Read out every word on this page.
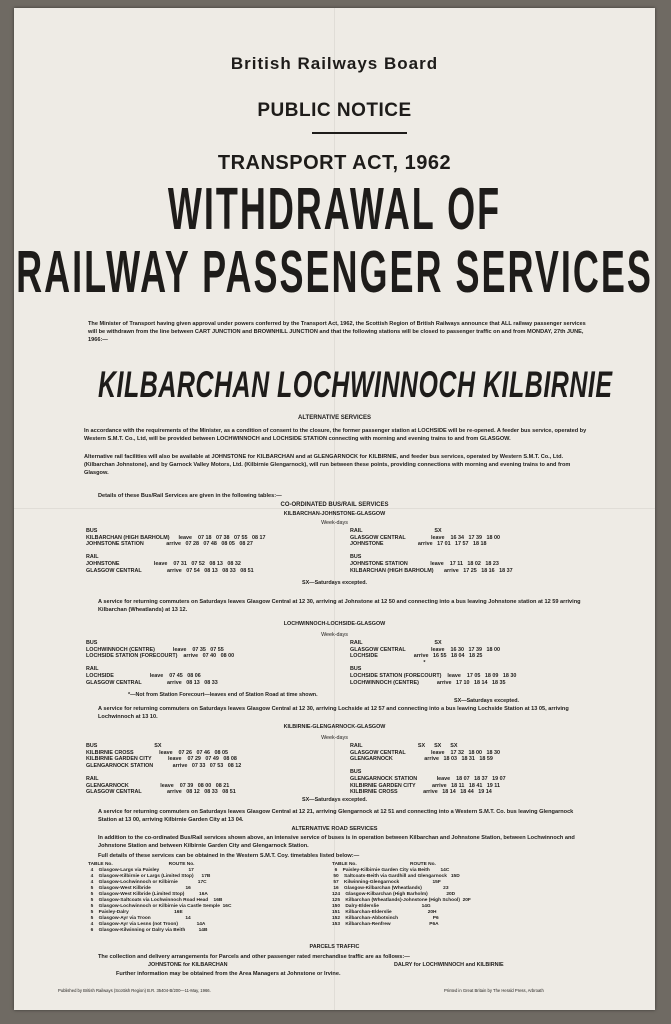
British Railways Board
PUBLIC NOTICE
TRANSPORT ACT, 1962
WITHDRAWAL OF
RAILWAY PASSENGER SERVICES
The Minister of Transport having given approval under powers conferred by the Transport Act, 1962, the Scottish Region of British Railways announce that ALL railway passenger services will be withdrawn from the line between CART JUNCTION and BROWNHILL JUNCTION and that the following stations will be closed to passenger traffic on and from MONDAY, 27th JUNE, 1966:—
KILBARCHAN LOCHWINNOCH KILBIRNIE
ALTERNATIVE SERVICES
In accordance with the requirements of the Minister, as a condition of consent to the closure, the former passenger station at LOCHSIDE will be re-opened. A feeder bus service, operated by Western S.M.T. Co., Ltd, will be provided between LOCHWINNOCH and LOCHSIDE STATION connecting with morning and evening trains to and from GLASGOW.
Alternative rail facilities will also be available at JOHNSTONE for KILBARCHAN and at GLENGARNOCK for KILBIRNIE, and feeder bus services, operated by Western S.M.T. Co., Ltd. (Kilbarchan Johnstone), and by Garnock Valley Motors, Ltd. (Kilbirnie Glengarnock), will run between these points, providing connections with morning and evening trains to and from Glasgow.
Details of these Bus/Rail Services are given in the following tables:—
CO-ORDINATED BUS/RAIL SERVICES
KILBARCHAN-JOHNSTONE-GLASGOW
Week-days
BUS
KILBARCHAN (HIGH BARHOLM)      leave    07 18   07 38   07 55   08 17
JOHNSTONE STATION               arrive   07 28   07 48   08 05   08 27

RAIL
JOHNSTONE                       leave    07 31   07 52   08 13   08 32
GLASGOW CENTRAL                 arrive   07 54   08 13   08 33   08 51
RAIL                                                SX
GLASGOW CENTRAL                 leave    16 34   17 39   18 00
JOHNSTONE                       arrive   17 01   17 57   18 18

BUS
JOHNSTONE STATION               leave    17 11   18 02   18 23
KILBARCHAN (HIGH BARHOLM)       arrive   17 25   18 16   18 37
SX—Saturdays excepted.
A service for returning commuters on Saturdays leaves Glasgow Central at 12 30, arriving at Johnstone at 12 50 and connecting into a bus leaving Johnstone station at 12 59 arriving Kilbarchan (Wheatlands) at 13 12.
LOCHWINNOCH-LOCHSIDE-GLASGOW
Week-days
BUS
LOCHWINNOCH (CENTRE)            leave    07 35   07 55
LOCHSIDE STATION (FORECOURT)    arrive   07 40   08 00

RAIL
LOCHSIDE                        leave    07 45   08 06
GLASGOW CENTRAL                 arrive   08 13   08 33
RAIL                                                SX
GLASGOW CENTRAL                 leave    16 30   17 39   18 00
LOCHSIDE                        arrive   16 55   18 04   18 25
*
BUS
LOCHSIDE STATION (FORECOURT)    leave    17 05   18 09   18 30
LOCHWINNOCH (CENTRE)            arrive   17 10   18 14   18 35
*—Not from Station Forecourt—leaves end of Station Road at time shown.
SX—Saturdays excepted.
A service for returning commuters on Saturdays leaves Glasgow Central at 12 30, arriving Lochside at 12 57 and connecting into a bus leaving Lochside Station at 13 05, arriving Lochwinnoch at 13 10.
KILBIRNIE-GLENGARNOCK-GLASGOW
Week-days
BUS                                      SX
KILBIRNIE CROSS                 leave    07 26   07 46   08 05
KILBIRNIE GARDEN CITY           leave    07 29   07 49   08 08
GLENGARNOCK STATION             arrive   07 33   07 53   08 12

RAIL
GLENGARNOCK                     leave    07 39   08 00   08 21
GLASGOW CENTRAL                 arrive   08 12   08 33   08 51
RAIL                                     SX      SX      SX
GLASGOW CENTRAL                 leave    17 32   18 00   18 30
GLENGARNOCK                     arrive   18 03   18 31   18 59

BUS
GLENGARNOCK STATION             leave    18 07   18 37   19 07
KILBIRNIE GARDEN CITY           arrive   18 11   18 41   19 11
KILBIRNIE CROSS                 arrive   18 14   18 44   19 14
SX—Saturdays excepted.
A service for returning commuters on Saturdays leaves Glasgow Central at 12 21, arriving Glengarnock at 12 51 and connecting into a Western S.M.T. Co. bus leaving Glengarnock Station at 13 00, arriving Kilbirnie Garden City at 13 04.
ALTERNATIVE ROAD SERVICES
In addition to the co-ordinated Bus/Rail services shown above, an intensive service of buses is in operation between Kilbarchan and Johnstone Station, between Lochwinnoch and Johnstone Station and between Kilbirnie Garden City and Glengarnock Station.
Full details of these services can be obtained in the Western S.M.T. Coy. timetables listed below:—
TABLE No.                                          ROUTE No.
4    Glasgow-Largs via Paisley                      17
4    Glasgow-Kilbirnie or Largs (Limited Stop)      17B
4    Glasgow-Lochwinnoch or Kilbirnie               17C
5    Glasgow-West Kilbride                          16
5    Glasgow-West Kilbride (Limited Stop)           16A
5    Glasgow-Saltcoats via Lochwinnoch Road Head    16B
5    Glasgow-Lochwinnoch or Kilbirnie via Castle Semple  16C
5    Paisley-Dalry                                  16E
5    Glasgow-Ayr via Troon                          14
4    Glasgow-Ayr via Lesns (not Troon)              14A
6    Glasgow-Kilwinning or Dalry via Beith          14B
TABLE No.                                        ROUTE No.
6    Paisley-Kilbirnie Garden City via Beith        14C
50    Saltcoats-Beith via Gardhill and Glengarnock   15D
57    Kilwinning-Glengarnock                         15F
16    Glasgow-Kilbarchan (Wheatlands)                23
124    Glasgow-Kilbarchan (High Barholm)              20D
125    Kilbarchan (Wheatlands)-Johnstone (High School)  20F
150    Dalry-Elderslie                                14G
151    Kilbarchan-Elderslie                           20H
152    Kilbarchan-Abbotsinch                          P6
153    Kilbarchan-Renfrew                             P6A
PARCELS TRAFFIC
The collection and delivery arrangements for Parcels and other passenger rated merchandise traffic are as follows:—
JOHNSTONE for KILBARCHAN	DALRY for LOCHWINNOCH and KILBIRNIE
Further information may be obtained from the Area Managers at Johnstone or Irvine.
Published by British Railways (Scottish Region) B.R. 35404-B/200—11-May, 1966.	Printed in Great Britain by The Herald Press, Arbroath
